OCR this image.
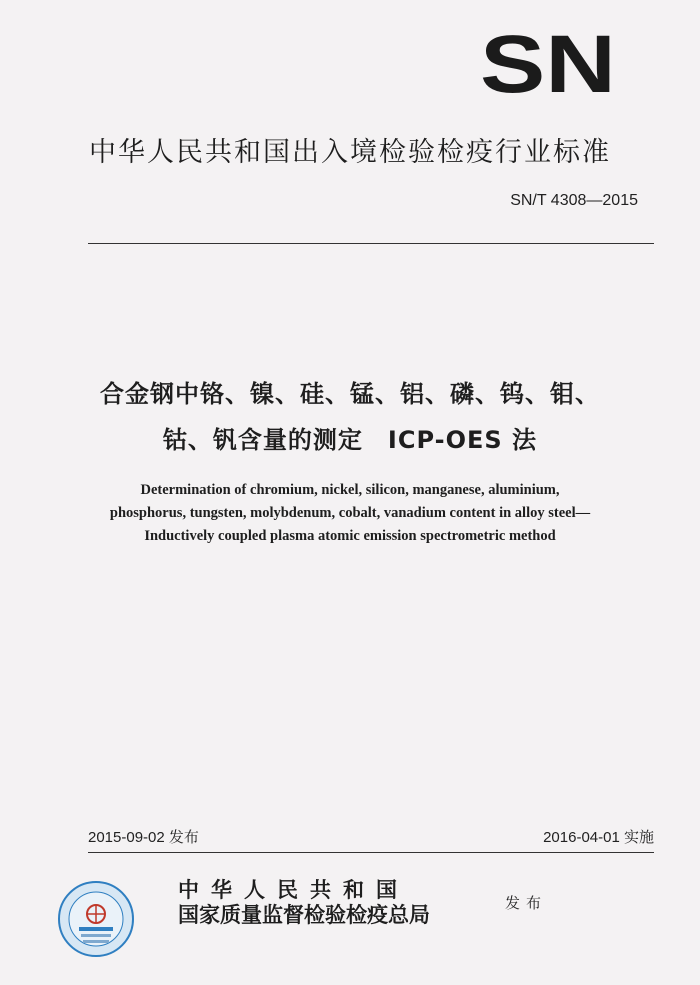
SN
中华人民共和国出入境检验检疫行业标准
SN/T 4308—2015
合金钢中铬、镍、硅、锰、铝、磷、钨、钼、
钴、钒含量的测定　ICP-OES 法
Determination of chromium, nickel, silicon, manganese, aluminium,
phosphorus, tungsten, molybdenum, cobalt, vanadium content in alloy steel—
Inductively coupled plasma atomic emission spectrometric method
2015-09-02 发布	2016-04-01 实施
中华人民共和国
国家质量监督检验检疫总局	发布
